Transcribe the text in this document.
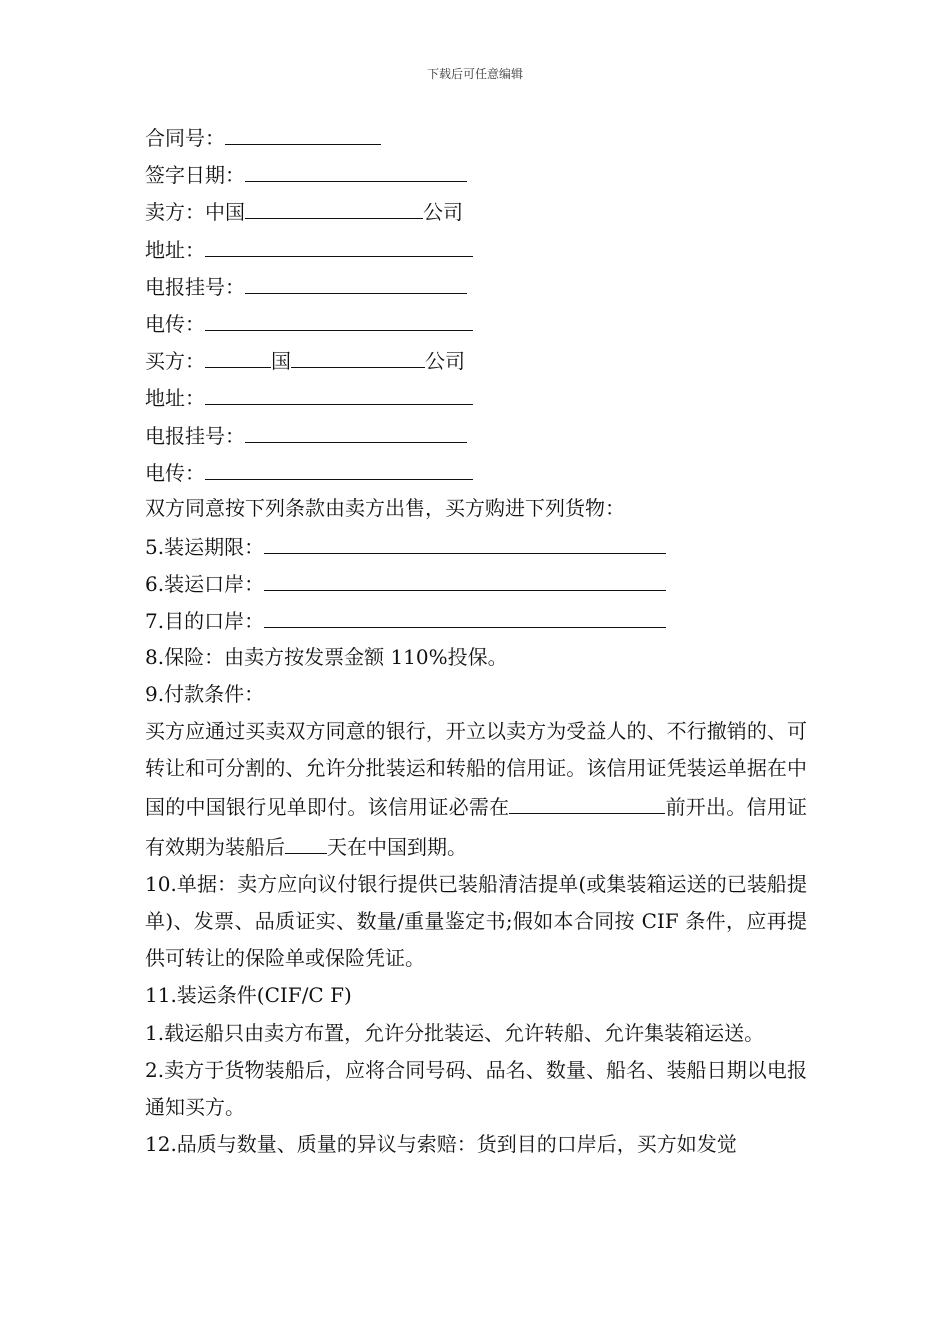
下载后可任意编辑
合同号：
签字日期：
卖方：中国	公司
地址：
电报挂号：
电传：
买方：	国	公司
地址：
电报挂号：
电传：
双方同意按下列条款由卖方出售，买方购进下列货物：
5.装运期限：
6.装运口岸：
7.目的口岸：
8.保险：由卖方按发票金额 110%投保。
9.付款条件：

买方应通过买卖双方同意的银行，开立以卖方为受益人的、不行撤销的、可转让和可分割的、允许分批装运和转船的信用证。该信用证凭装运单据在中国的中国银行见单即付。该信用证必需在	前开出。信用证有效期为装船后 天在中国到期。

10.单据：卖方应向议付银行提供已装船清洁提单(或集装箱运送的已装船提单)、发票、品质证实、数量/重量鉴定书;假如本合同按 CIF 条件，应再提供可转让的保险单或保险凭证。

11.装运条件(CIF/C F)

1.载运船只由卖方布置，允许分批装运、允许转船、允许集装箱运送。

2.卖方于货物装船后，应将合同号码、品名、数量、船名、装船日期以电报通知买方。

12.品质与数量、质量的异议与索赔：货到目的口岸后，买方如发觉
